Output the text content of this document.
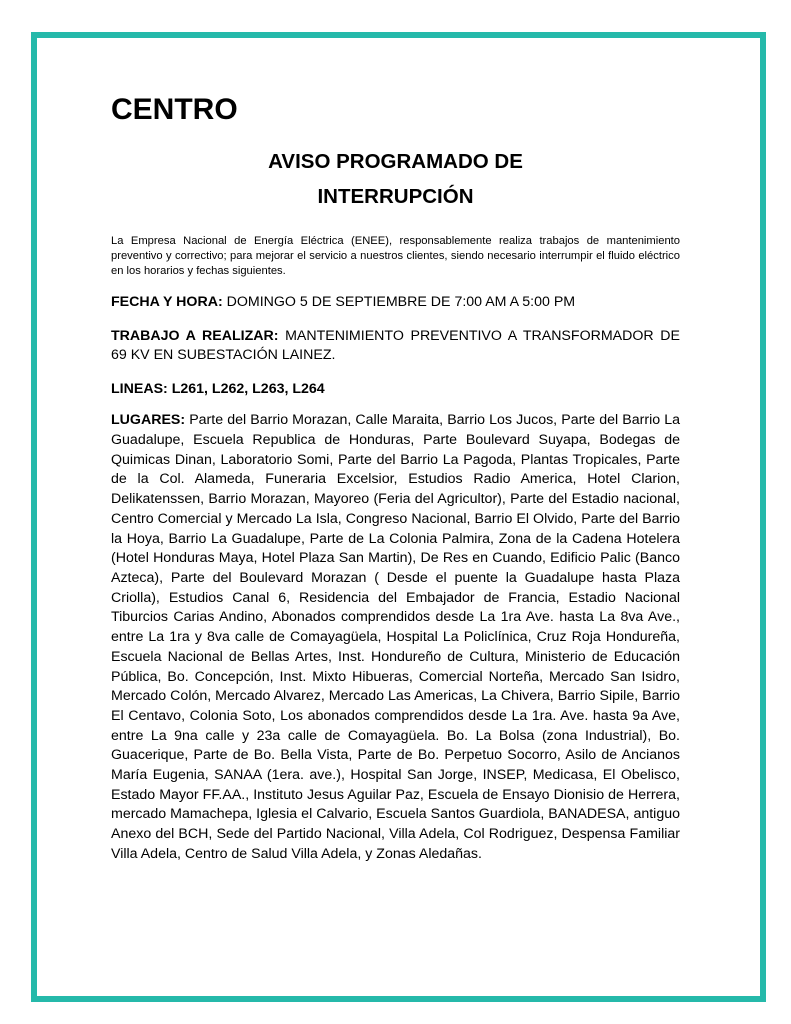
CENTRO
AVISO PROGRAMADO DE
INTERRUPCIÓN

La Empresa Nacional de Energía Eléctrica (ENEE), responsablemente realiza trabajos de mantenimiento preventivo y correctivo; para mejorar el servicio a nuestros clientes, siendo necesario interrumpir el fluido eléctrico en los horarios y fechas siguientes.

FECHA Y HORA: DOMINGO 5 DE SEPTIEMBRE DE 7:00 AM A 5:00 PM

TRABAJO A REALIZAR: MANTENIMIENTO PREVENTIVO A TRANSFORMADOR DE 69 KV EN SUBESTACIÓN LAINEZ.

LINEAS: L261, L262, L263, L264

LUGARES: Parte del Barrio Morazan, Calle Maraita, Barrio Los Jucos, Parte del Barrio La Guadalupe, Escuela Republica de Honduras, Parte Boulevard Suyapa, Bodegas de Quimicas Dinan, Laboratorio Somi, Parte del Barrio La Pagoda, Plantas Tropicales, Parte de la Col. Alameda, Funeraria Excelsior, Estudios Radio America, Hotel Clarion, Delikatenssen, Barrio Morazan, Mayoreo (Feria del Agricultor), Parte del Estadio nacional, Centro Comercial y Mercado La Isla, Congreso Nacional, Barrio El Olvido, Parte del Barrio la Hoya, Barrio La Guadalupe, Parte de La Colonia Palmira, Zona de la Cadena Hotelera (Hotel Honduras Maya, Hotel Plaza San Martin), De Res en Cuando, Edificio Palic (Banco Azteca), Parte del Boulevard Morazan ( Desde el puente la Guadalupe hasta Plaza Criolla), Estudios Canal 6, Residencia del Embajador de Francia, Estadio Nacional Tiburcios Carias Andino, Abonados comprendidos desde La 1ra Ave. hasta La 8va Ave., entre La 1ra y 8va calle de Comayagüela, Hospital La Policlínica, Cruz Roja Hondureña, Escuela Nacional de Bellas Artes, Inst. Hondureño de Cultura, Ministerio de Educación Pública, Bo. Concepción, Inst. Mixto Hibueras, Comercial Norteña, Mercado San Isidro, Mercado Colón, Mercado Alvarez, Mercado Las Americas, La Chivera, Barrio Sipile, Barrio El Centavo, Colonia Soto, Los abonados comprendidos desde La 1ra. Ave. hasta 9a Ave, entre La 9na calle y 23a calle de Comayagüela. Bo. La Bolsa (zona Industrial), Bo. Guacerique, Parte de Bo. Bella Vista, Parte de Bo. Perpetuo Socorro, Asilo de Ancianos María Eugenia, SANAA (1era. ave.), Hospital San Jorge, INSEP, Medicasa, El Obelisco, Estado Mayor FF.AA., Instituto Jesus Aguilar Paz, Escuela de Ensayo Dionisio de Herrera, mercado Mamachepa, Iglesia el Calvario, Escuela Santos Guardiola, BANADESA, antiguo Anexo del BCH, Sede del Partido Nacional, Villa Adela, Col Rodriguez, Despensa Familiar Villa Adela, Centro de Salud Villa Adela, y Zonas Aledañas.
